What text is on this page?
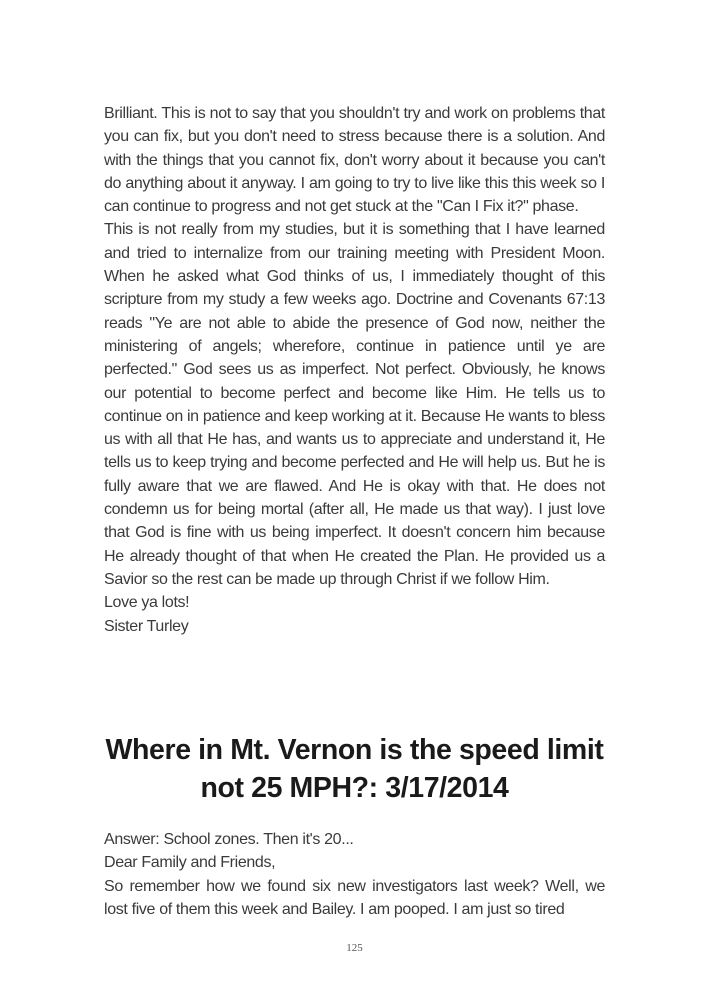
Brilliant. This is not to say that you shouldn't try and work on problems that you can fix, but you don't need to stress because there is a solution. And with the things that you cannot fix, don't worry about it because you can't do anything about it anyway. I am going to try to live like this this week so I can continue to progress and not get stuck at the "Can I Fix it?" phase.

This is not really from my studies, but it is something that I have learned and tried to internalize from our training meeting with President Moon. When he asked what God thinks of us, I immediately thought of this scripture from my study a few weeks ago. Doctrine and Covenants 67:13 reads "Ye are not able to abide the presence of God now, neither the ministering of angels; wherefore, continue in patience until ye are perfected." God sees us as imperfect. Not perfect. Obviously, he knows our potential to become perfect and become like Him. He tells us to continue on in patience and keep working at it. Because He wants to bless us with all that He has, and wants us to appreciate and understand it, He tells us to keep trying and become perfected and He will help us. But he is fully aware that we are flawed. And He is okay with that. He does not condemn us for being mortal (after all, He made us that way). I just love that God is fine with us being imperfect. It doesn't concern him because He already thought of that when He created the Plan. He provided us a Savior so the rest can be made up through Christ if we follow Him.

Love ya lots!

Sister Turley

Where in Mt. Vernon is the speed limit not 25 MPH?: 3/17/2014

Answer: School zones. Then it's 20...

Dear Family and Friends,

So remember how we found six new investigators last week? Well, we lost five of them this week and Bailey. I am pooped. I am just so tired

125
